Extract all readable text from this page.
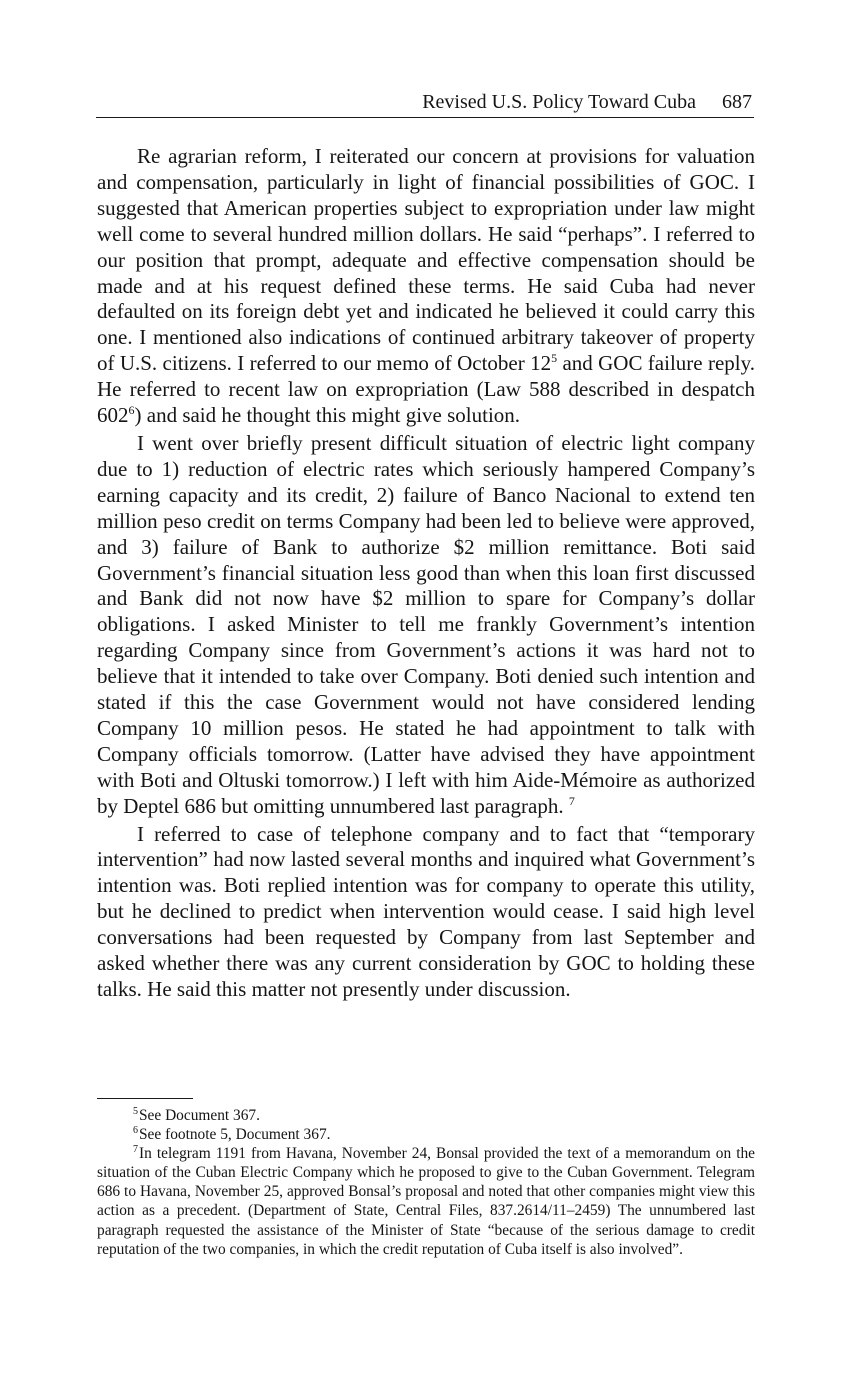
Revised U.S. Policy Toward Cuba 687

Re agrarian reform, I reiterated our concern at provisions for valuation and compensation, particularly in light of financial possibilities of GOC. I suggested that American properties subject to expropriation under law might well come to several hundred million dollars. He said “perhaps”. I referred to our position that prompt, adequate and effective compensation should be made and at his request defined these terms. He said Cuba had never defaulted on its foreign debt yet and indicated he believed it could carry this one. I mentioned also indications of continued arbitrary takeover of property of U.S. citizens. I referred to our memo of October 12$^5$ and GOC failure reply. He referred to recent law on expropriation (Law 588 described in despatch 602$^6$) and said he thought this might give solution.

I went over briefly present difficult situation of electric light company due to 1) reduction of electric rates which seriously hampered Company’s earning capacity and its credit, 2) failure of Banco Nacional to extend ten million peso credit on terms Company had been led to believe were approved, and 3) failure of Bank to authorize $2 million remittance. Boti said Government’s financial situation less good than when this loan first discussed and Bank did not now have $2 million to spare for Company’s dollar obligations. I asked Minister to tell me frankly Government’s intention regarding Company since from Government’s actions it was hard not to believe that it intended to take over Company. Boti denied such intention and stated if this the case Government would not have considered lending Company 10 million pesos. He stated he had appointment to talk with Company officials tomorrow. (Latter have advised they have appointment with Boti and Oltuski tomorrow.) I left with him Aide-Mémoire as authorized by Deptel 686 but omitting unnumbered last paragraph. $^7$

I referred to case of telephone company and to fact that “temporary intervention” had now lasted several months and inquired what Government’s intention was. Boti replied intention was for company to operate this utility, but he declined to predict when intervention would cease. I said high level conversations had been requested by Company from last September and asked whether there was any current consideration by GOC to holding these talks. He said this matter not presently under discussion.

$^5$See Document 367.

$^6$See footnote 5, Document 367.

$^7$In telegram 1191 from Havana, November 24, Bonsal provided the text of a memorandum on the situation of the Cuban Electric Company which he proposed to give to the Cuban Government. Telegram 686 to Havana, November 25, approved Bonsal’s proposal and noted that other companies might view this action as a precedent. (Department of State, Central Files, 837.2614/11–2459) The unnumbered last paragraph requested the assistance of the Minister of State “because of the serious damage to credit reputation of the two companies, in which the credit reputation of Cuba itself is also involved”.
